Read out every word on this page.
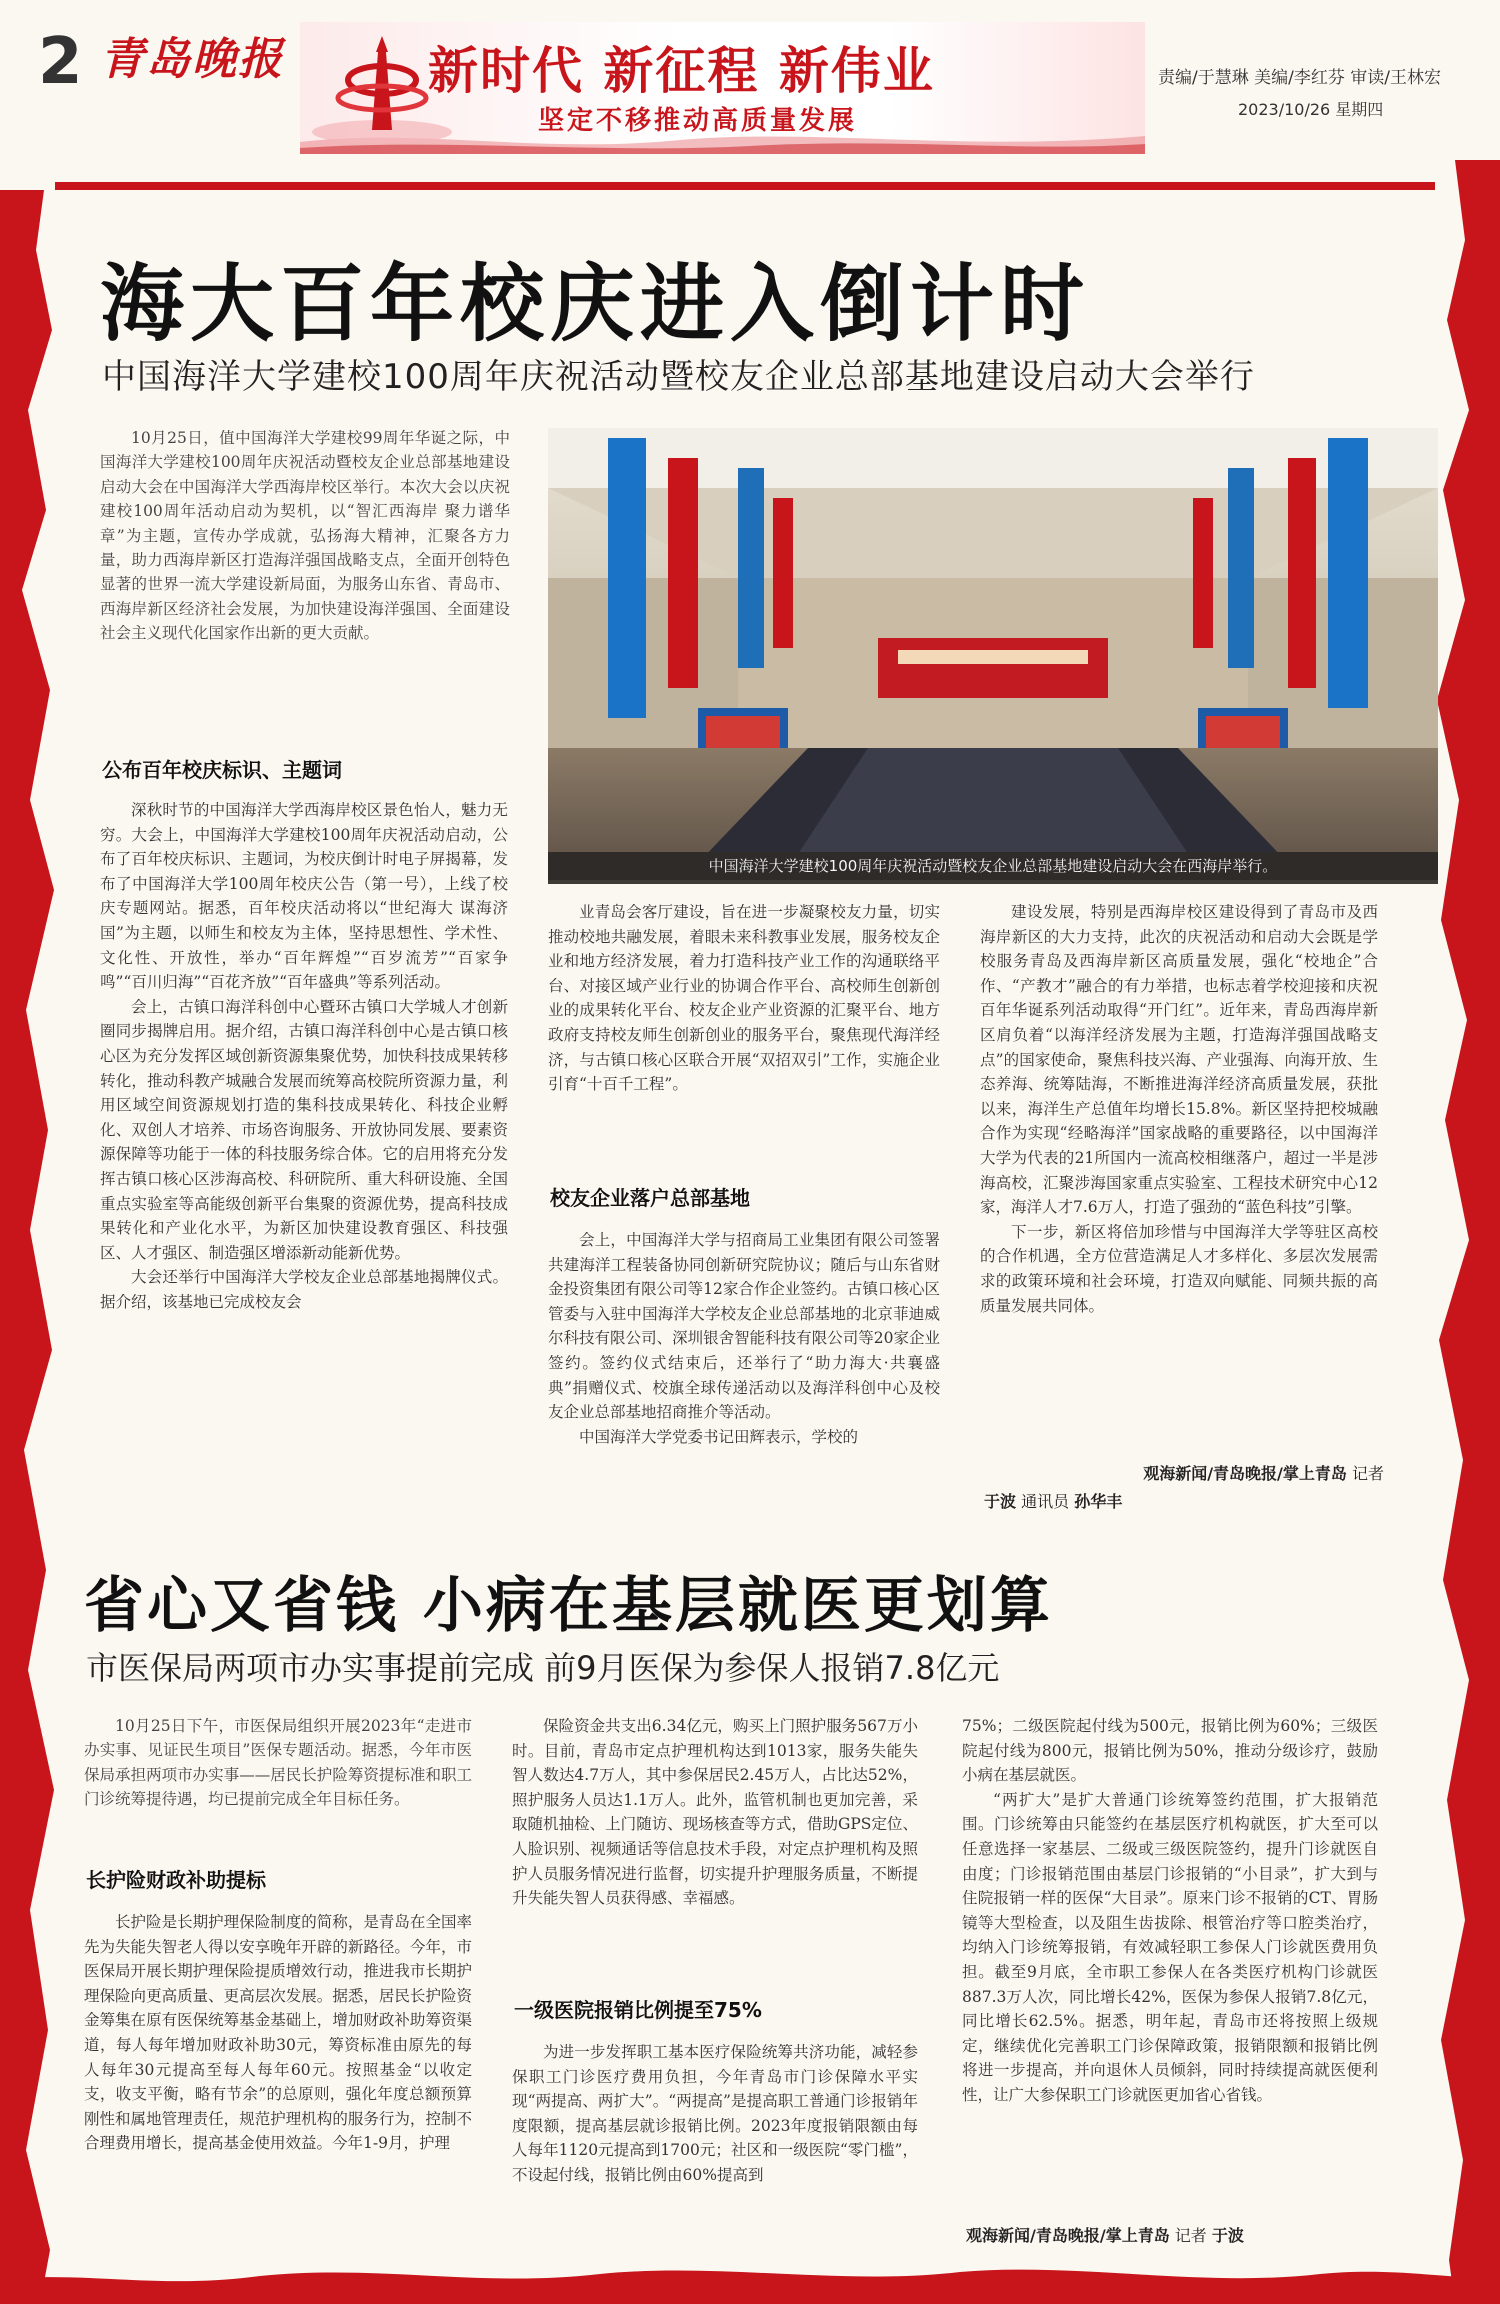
2 青岛晚报	新时代 新征程 新伟业
坚定不移推动高质量发展
责编/于慧琳 美编/李红芬 审读/王林宏
2023/10/26 星期四
海大百年校庆进入倒计时
中国海洋大学建校100周年庆祝活动暨校友企业总部基地建设启动大会举行

10月25日，值中国海洋大学建校99周年华诞之际，中国海洋大学建校100周年庆祝活动暨校友企业总部基地建设启动大会在中国海洋大学西海岸校区举行。本次大会以庆祝建校100周年活动启动为契机，以“智汇西海岸 聚力谱华章”为主题，宣传办学成就，弘扬海大精神，汇聚各方力量，助力西海岸新区打造海洋强国战略支点，全面开创特色显著的世界一流大学建设新局面，为服务山东省、青岛市、西海岸新区经济社会发展，为加快建设海洋强国、全面建设社会主义现代化国家作出新的更大贡献。

公布百年校庆标识、主题词

深秋时节的中国海洋大学西海岸校区景色怡人，魅力无穷。大会上，中国海洋大学建校100周年庆祝活动启动，公布了百年校庆标识、主题词，为校庆倒计时电子屏揭幕，发布了中国海洋大学100周年校庆公告（第一号），上线了校庆专题网站。据悉，百年校庆活动将以“世纪海大 谋海济国”为主题，以师生和校友为主体，坚持思想性、学术性、文化性、开放性，举办“百年辉煌”“百岁流芳”“百家争鸣”“百川归海”“百花齐放”“百年盛典”等系列活动。

会上，古镇口海洋科创中心暨环古镇口大学城人才创新圈同步揭牌启用。据介绍，古镇口海洋科创中心是古镇口核心区为充分发挥区域创新资源集聚优势，加快科技成果转移转化，推动科教产城融合发展而统筹高校院所资源力量，利用区域空间资源规划打造的集科技成果转化、科技企业孵化、双创人才培养、市场咨询服务、开放协同发展、要素资源保障等功能于一体的科技服务综合体。它的启用将充分发挥古镇口核心区涉海高校、科研院所、重大科研设施、全国重点实验室等高能级创新平台集聚的资源优势，提高科技成果转化和产业化水平，为新区加快建设教育强区、科技强区、人才强区、制造强区增添新动能新优势。

大会还举行中国海洋大学校友企业总部基地揭牌仪式。据介绍，该基地已完成校友会

中国海洋大学建校100周年庆祝活动暨校友企业总部基地建设启动大会在西海岸举行。

业青岛会客厅建设，旨在进一步凝聚校友力量，切实推动校地共融发展，着眼未来科教事业发展，服务校友企业和地方经济发展，着力打造科技产业工作的沟通联络平台、对接区域产业行业的协调合作平台、高校师生创新创业的成果转化平台、校友企业产业资源的汇聚平台、地方政府支持校友师生创新创业的服务平台，聚焦现代海洋经济，与古镇口核心区联合开展“双招双引”工作，实施企业引育“十百千工程”。

校友企业落户总部基地

会上，中国海洋大学与招商局工业集团有限公司签署共建海洋工程装备协同创新研究院协议；随后与山东省财金投资集团有限公司等12家合作企业签约。古镇口核心区管委与入驻中国海洋大学校友企业总部基地的北京菲迪威尔科技有限公司、深圳银舍智能科技有限公司等20家企业签约。签约仪式结束后，还举行了“助力海大·共襄盛典”捐赠仪式、校旗全球传递活动以及海洋科创中心及校友企业总部基地招商推介等活动。

中国海洋大学党委书记田辉表示，学校的

建设发展，特别是西海岸校区建设得到了青岛市及西海岸新区的大力支持，此次的庆祝活动和启动大会既是学校服务青岛及西海岸新区高质量发展，强化“校地企”合作、“产教才”融合的有力举措，也标志着学校迎接和庆祝百年华诞系列活动取得“开门红”。近年来，青岛西海岸新区肩负着“以海洋经济发展为主题，打造海洋强国战略支点”的国家使命，聚焦科技兴海、产业强海、向海开放、生态养海、统筹陆海，不断推进海洋经济高质量发展，获批以来，海洋生产总值年均增长15.8%。新区坚持把校城融合作为实现“经略海洋”国家战略的重要路径，以中国海洋大学为代表的21所国内一流高校相继落户，超过一半是涉海高校，汇聚涉海国家重点实验室、工程技术研究中心12家，海洋人才7.6万人，打造了强劲的“蓝色科技”引擎。

下一步，新区将倍加珍惜与中国海洋大学等驻区高校的合作机遇，全方位营造满足人才多样化、多层次发展需求的政策环境和社会环境，打造双向赋能、同频共振的高质量发展共同体。

观海新闻/青岛晚报/掌上青岛 记者
于波 通讯员 孙华丰
省心又省钱 小病在基层就医更划算
市医保局两项市办实事提前完成 前9月医保为参保人报销7.8亿元

10月25日下午，市医保局组织开展2023年“走进市办实事、见证民生项目”医保专题活动。据悉，今年市医保局承担两项市办实事——居民长护险筹资提标准和职工门诊统筹提待遇，均已提前完成全年目标任务。

长护险财政补助提标

长护险是长期护理保险制度的简称，是青岛在全国率先为失能失智老人得以安享晚年开辟的新路径。今年，市医保局开展长期护理保险提质增效行动，推进我市长期护理保险向更高质量、更高层次发展。据悉，居民长护险资金筹集在原有医保统筹基金基础上，增加财政补助筹资渠道，每人每年增加财政补助30元，筹资标准由原先的每人每年30元提高至每人每年60元。按照基金“以收定支，收支平衡，略有节余”的总原则，强化年度总额预算刚性和属地管理责任，规范护理机构的服务行为，控制不合理费用增长，提高基金使用效益。今年1-9月，护理

保险资金共支出6.34亿元，购买上门照护服务567万小时。目前，青岛市定点护理机构达到1013家，服务失能失智人数达4.7万人，其中参保居民2.45万人，占比达52%，照护服务人员达1.1万人。此外，监管机制也更加完善，采取随机抽检、上门随访、现场核查等方式，借助GPS定位、人脸识别、视频通话等信息技术手段，对定点护理机构及照护人员服务情况进行监督，切实提升护理服务质量，不断提升失能失智人员获得感、幸福感。

一级医院报销比例提至75%

为进一步发挥职工基本医疗保险统筹共济功能，减轻参保职工门诊医疗费用负担，今年青岛市门诊保障水平实现“两提高、两扩大”。“两提高”是提高职工普通门诊报销年度限额，提高基层就诊报销比例。2023年度报销限额由每人每年1120元提高到1700元；社区和一级医院“零门槛”，不设起付线，报销比例由60%提高到

75%；二级医院起付线为500元，报销比例为60%；三级医院起付线为800元，报销比例为50%，推动分级诊疗，鼓励小病在基层就医。

“两扩大”是扩大普通门诊统筹签约范围，扩大报销范围。门诊统筹由只能签约在基层医疗机构就医，扩大至可以任意选择一家基层、二级或三级医院签约，提升门诊就医自由度；门诊报销范围由基层门诊报销的“小目录”，扩大到与住院报销一样的医保“大目录”。原来门诊不报销的CT、胃肠镜等大型检查，以及阻生齿拔除、根管治疗等口腔类治疗，均纳入门诊统筹报销，有效减轻职工参保人门诊就医费用负担。截至9月底，全市职工参保人在各类医疗机构门诊就医887.3万人次，同比增长42%，医保为参保人报销7.8亿元，同比增长62.5%。据悉，明年起，青岛市还将按照上级规定，继续优化完善职工门诊保障政策，报销限额和报销比例将进一步提高，并向退休人员倾斜，同时持续提高就医便利性，让广大参保职工门诊就医更加省心省钱。

观海新闻/青岛晚报/掌上青岛 记者 于波
